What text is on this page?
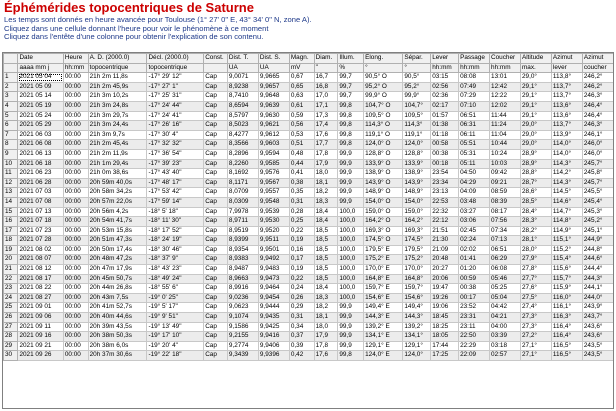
Éphémérides topocentriques de Saturne
Les temps sont donnés en heure avancée pour Toulouse (1° 27' 0" E, 43° 34' 0" N, zone A).
Cliquez dans une cellule donnant l'heure pour voir le phénomène à ce moment
Cliquez dans l'entête d'une colonne pour obtenir l'explication de son contenu.
	Date	Heure	A. D. (2000.0)	Décl. (2000.0)	Const.	Dist. T.	Dist. S.	Magn.	Diam.	Illum.	Élong.	Sépar.	Lever	Passage	Coucher	Altitude	Azimut	Azimut
	aaaa mm j	hh:mm	topocentrique	topocentrique		UA	UA	mV	"	%	°	°	hh:mm	hh:mm	hh:mm	max.	lever	coucher
1	2021 05 04	00:00	21h 2m 11,8s	-17° 29' 12"	Cap	9,0071	9,9665	0,67	16,7	99,7	90,5° O	90,5°	03:15	08:08	13:01	29,0°	113,8°	246,2°
2	2021 05 09	00:00	21h 2m 45,9s	-17° 27' 1"	Cap	8,9238	9,9657	0,65	16,8	99,7	95,2° O	95,2°	02:56	07:49	12:42	29,1°	113,7°	246,2°
3	2021 05 14	00:00	21h 3m 10,2s	-17° 25' 31"	Cap	8,7410	9,9648	0,63	17,0	99,7	99,9° O	99,9°	02:36	07:29	12:22	29,1°	113,7°	246,3°
4	2021 05 19	00:00	21h 3m 24,8s	-17° 24' 44"	Cap	8,6594	9,9639	0,61	17,1	99,8	104,7° O	104,7°	02:17	07:10	12:02	29,1°	113,6°	246,4°
5	2021 05 24	00:00	21h 3m 29,7s	-17° 24' 41"	Cap	8,5797	9,9630	0,59	17,3	99,8	109,5° O	109,5°	01:57	06:51	11:44	29,1°	113,6°	246,4°
6	2021 05 29	00:00	21h 3m 24,4s	-17° 26' 16"	Cap	8,5023	9,9621	0,56	17,4	99,8	114,3° O	114,3°	01:38	06:31	11:24	29,0°	113,7°	246,3°
7	2021 06 03	00:00	21h 3m 9,7s	-17° 30' 4"	Cap	8,4277	9,9612	0,53	17,6	99,8	119,1° O	119,1°	01:18	06:11	11:04	29,0°	113,9°	246,1°
8	2021 06 08	00:00	21h 2m 45,4s	-17° 32' 32"	Cap	8,3566	9,9603	0,51	17,7	99,8	124,0° O	124,0°	00:58	05:51	10:44	29,0°	114,0°	246,0°
9	2021 06 13	00:00	21h 2m 11,9s	-17° 36' 54"	Cap	8,2896	9,9594	0,48	17,8	99,9	128,8° O	128,8°	00:38	05:31	10:24	28,9°	114,0°	246,0°
10	2021 06 18	00:00	21h 1m 29,4s	-17° 39' 23"	Cap	8,2260	9,9585	0,44	17,9	99,9	133,9° O	133,9°	00:18	05:11	10:03	28,9°	114,3°	245,7°
11	2021 06 23	00:00	21h 0m 38,6s	-17° 43' 40"	Cap	8,1692	9,9576	0,41	18,0	99,9	138,9° O	138,9°	23:54	04:50	09:42	28,8°	114,2°	245,8°
12	2021 06 28	00:00	20h 59m 40,0s	-17° 48' 17"	Cap	8,1171	9,9567	0,38	18,1	99,9	143,9° O	143,9°	23:34	04:29	09:21	28,7°	114,3°	245,7°
13	2021 07 03	00:00	20h 58m 34,2s	-17° 53' 42"	Cap	8,0709	9,9557	0,35	18,2	99,9	148,9° O	148,9°	23:13	04:09	08:59	28,6°	114,5°	245,5°
14	2021 07 08	00:00	20h 57m 22,0s	-17° 59' 14"	Cap	8,0309	9,9548	0,31	18,3	99,9	154,0° O	154,0°	22:53	03:48	08:39	28,5°	114,6°	245,4°
15	2021 07 13	00:00	20h 56m 4,2s	-18° 5' 18"	Cap	7,9978	9,9539	0,28	18,4	100,0	159,0° O	159,0°	22:32	03:27	08:17	28,4°	114,7°	245,3°
16	2021 07 18	00:00	20h 54m 41,7s	-18° 11' 30"	Cap	8,9711	9,9530	0,25	18,4	100,0	164,2° O	164,2°	22:12	03:06	07:56	28,3°	114,8°	245,2°
17	2021 07 23	00:00	20h 53m 15,8s	-18° 17' 52"	Cap	8,9519	9,9520	0,22	18,5	100,0	169,3° O	169,3°	21:51	02:45	07:34	28,2°	114,9°	245,1°
18	2021 07 28	00:00	20h 51m 47,3s	-18° 24' 19"	Cap	8,9399	9,9511	0,19	18,5	100,0	174,5° O	174,5°	21:30	02:24	07:13	28,1°	115,1°	244,9°
19	2021 08 02	00:00	20h 50m 17,4s	-18° 30' 46"	Cap	8,9354	9,9501	0,16	18,5	100,0	179,5° E	179,5°	21:09	02:02	06:51	28,0°	115,2°	244,8°
20	2021 08 07	00:00	20h 48m 47,2s	-18° 37' 9"	Cap	8,9383	9,9492	0,17	18,5	100,0	175,2° E	175,2°	20:48	01:41	06:29	27,9°	115,4°	244,6°
21	2021 08 12	00:00	20h 47m 17,9s	-18° 43' 23"	Cap	8,9487	9,9483	0,19	18,5	100,0	170,0° E	170,0°	20:27	01:20	06:08	27,8°	115,6°	244,4°
22	2021 08 17	00:00	20h 45m 50,7s	-18° 49' 24"	Cap	8,9663	9,9473	0,22	18,5	100,0	164,8° E	164,8°	20:06	00:59	05:46	27,7°	115,7°	244,3°
23	2021 08 22	00:00	20h 44m 26,8s	-18° 55' 6"	Cap	8,9916	9,9464	0,24	18,4	100,0	159,7° E	159,7°	19:47	00:38	05:25	27,6°	115,9°	244,1°
24	2021 08 27	00:00	20h 43m 7,5s	-19° 0' 25"	Cap	9,0236	9,9454	0,26	18,3	100,0	154,6° E	154,6°	19:26	00:17	05:04	27,5°	116,0°	244,0°
25	2021 09 01	00:00	20h 41m 52,7s	-19° 5' 17"	Cap	9,0623	9,9444	0,29	18,2	99,9	149,4° E	149,4°	19:06	23:52	04:42	27,4°	116,1°	243,9°
26	2021 09 06	00:00	20h 40m 44,6s	-19° 9' 51"	Cap	9,1074	9,9435	0,31	18,1	99,9	144,3° E	144,3°	18:45	23:31	04:21	27,3°	116,3°	243,7°
27	2021 09 11	00:00	20h 39m 43,5s	-19° 13' 49"	Cap	9,1586	9,9425	0,34	18,0	99,9	139,2° E	139,2°	18:25	23:11	04:00	27,3°	116,4°	243,6°
28	2021 09 16	00:00	20h 38m 50,3s	-19° 17' 10"	Cap	9,2155	9,9416	0,37	17,9	99,9	134,1° E	134,1°	18:05	22:50	03:39	27,2°	116,4°	243,6°
29	2021 09 21	00:00	20h 38m 6,0s	-19° 20' 4"	Cap	9,2774	9,9406	0,39	17,8	99,9	129,1° E	129,1°	17:44	22:29	03:18	27,1°	116,5°	243,5°
30	2021 09 26	00:00	20h 37m 30,6s	-19° 22' 18"	Cap	9,3439	9,9396	0,42	17,6	99,8	124,0° E	124,0°	17:25	22:09	02:57	27,1°	116,5°	243,5°
